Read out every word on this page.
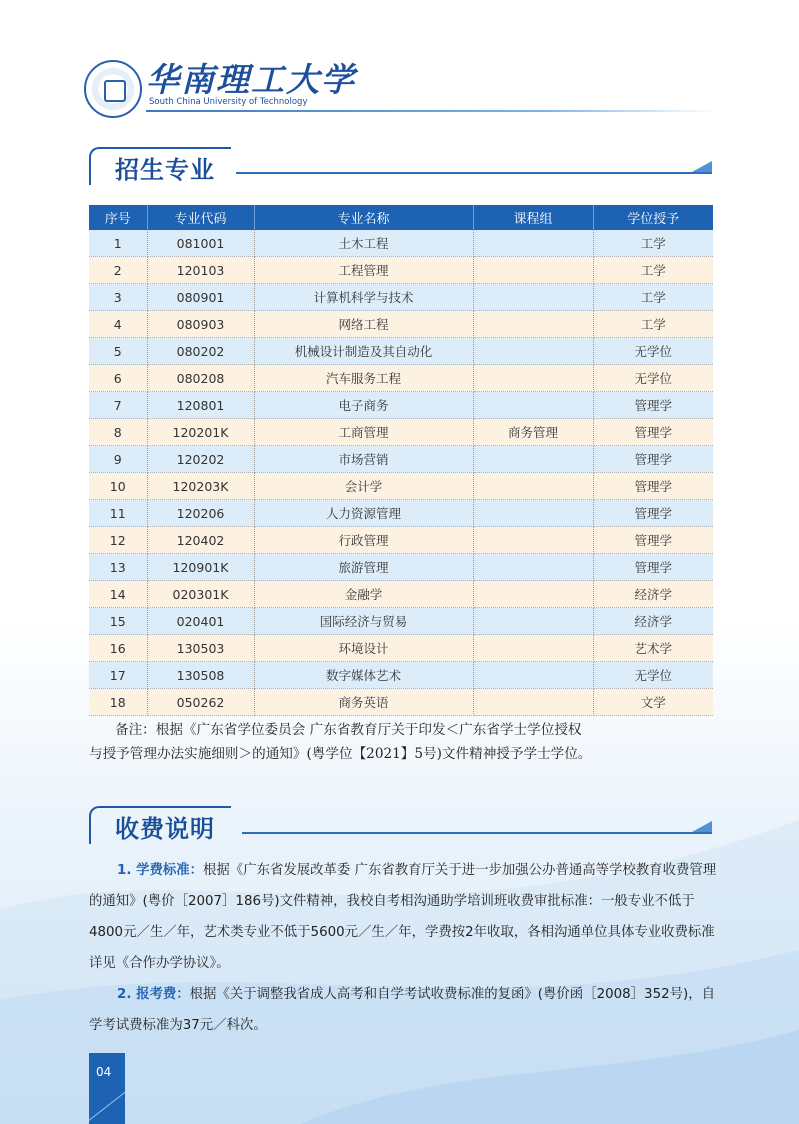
华南理工大学
South China University of Technology
招生专业
序号	专业代码	专业名称	课程组	学位授予
1	081001	土木工程		工学
2	120103	工程管理		工学
3	080901	计算机科学与技术		工学
4	080903	网络工程		工学
5	080202	机械设计制造及其自动化		无学位
6	080208	汽车服务工程		无学位
7	120801	电子商务		管理学
8	120201K	工商管理	商务管理	管理学
9	120202	市场营销		管理学
10	120203K	会计学		管理学
11	120206	人力资源管理		管理学
12	120402	行政管理		管理学
13	120901K	旅游管理		管理学
14	020301K	金融学		经济学
15	020401	国际经济与贸易		经济学
16	130503	环境设计		艺术学
17	130508	数字媒体艺术		无学位
18	050262	商务英语		文学
备注：根据《广东省学位委员会 广东省教育厅关于印发＜广东省学士学位授权
与授予管理办法实施细则＞的通知》(粤学位【2021】5号)文件精神授予学士学位。
收费说明

1. 学费标准：根据《广东省发展改革委 广东省教育厅关于进一步加强公办普通高等学校教育收费管理的通知》(粤价［2007］186号)文件精神，我校自考相沟通助学培训班收费审批标准：一般专业不低于4800元／生／年，艺术类专业不低于5600元／生／年，学费按2年收取，各相沟通单位具体专业收费标准详见《合作办学协议》。

2. 报考费：根据《关于调整我省成人高考和自学考试收费标准的复函》(粤价函［2008］352号)，自学考试费标准为37元／科次。

04
